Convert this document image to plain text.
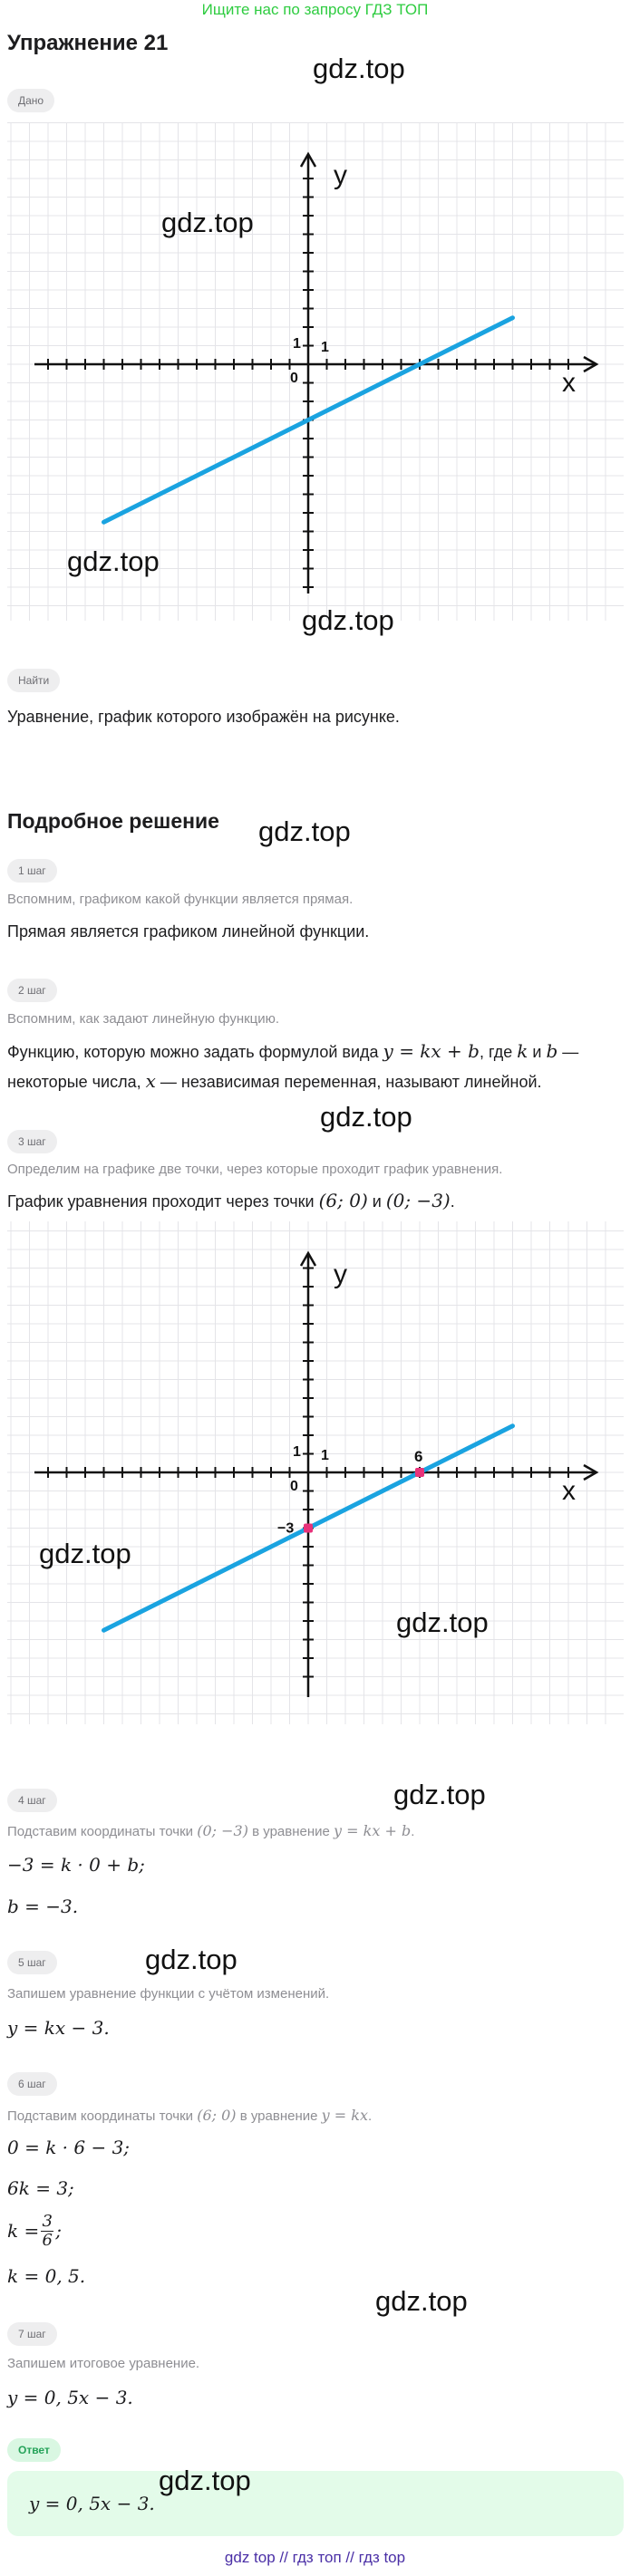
Ищите нас по запросу ГДЗ ТОП
Упражнение 21
gdz.top
Дано
x
y
0
1 1
gdz.top
gdz.top
gdz.top
Найти
Уравнение, график которого изображён на рисунке.
Подробное решение gdz.top
1 шаг
Вспомним, графиком какой функции является прямая.
Прямая является графиком линейной функции.
2 шаг
Вспомним, как задают линейную функцию.
Функцию, которую можно задать формулой вида y = kx + b, где k и b —
некоторые числа, x — независимая переменная, называют линейной.
gdz.top
3 шаг
Определим на графике две точки, через которые проходит график уравнения.
График уравнения проходит через точки (6; 0) и (0; −3).
x
y
0
1 1	6
−3
gdz.top
gdz.top
gdz.top
4 шаг
Подставим координаты точки (0; −3) в уравнение y = kx + b.
−3 = k · 0 + b;
b = −3.
5 шаг	gdz.top
Запишем уравнение функции с учётом изменений.
y = kx − 3.
6 шаг
Подставим координаты точки (6; 0) в уравнение y = kx.
0 = k · 6 − 3;
6k = 3;
k = 3
6 ;
k = 0, 5.
gdz.top
7 шаг
Запишем итоговое уравнение.
y = 0, 5x − 3.
Ответ
y = 0, 5x − 3.
gdz.top
gdz top // гдз топ // гдз top
